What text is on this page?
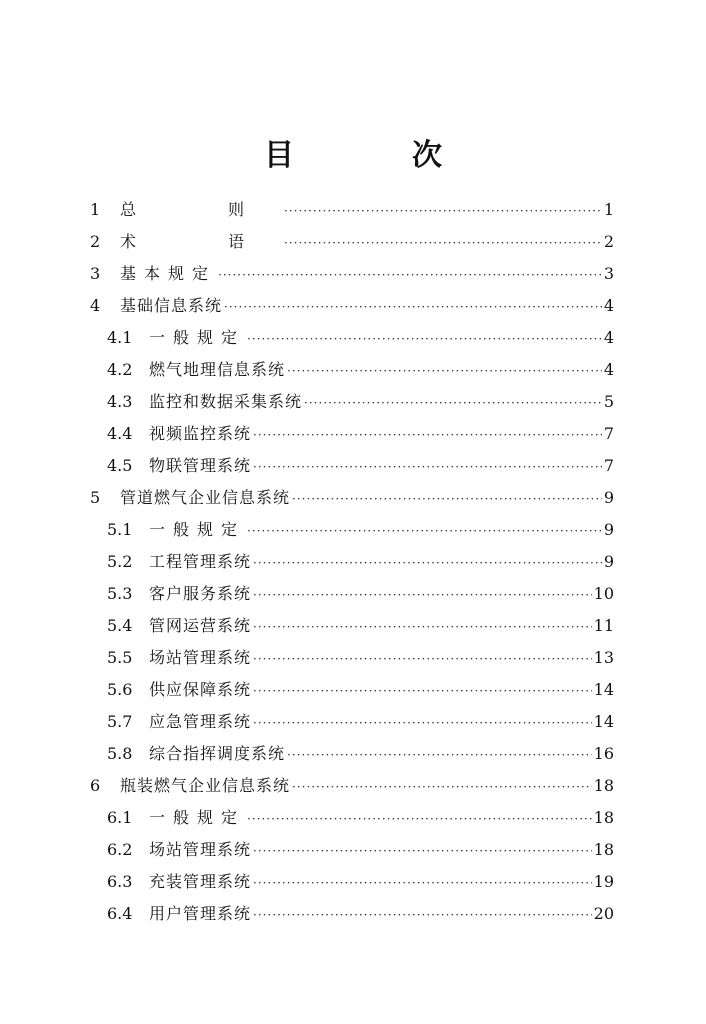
目　次
1	总　则 ·····	1
2	术　语 ·····	2
3	基本规定 ·····	3
4	基础信息系统 ·····	4
4.1	一般规定 ·····	4
4.2	燃气地理信息系统 ·····	4
4.3	监控和数据采集系统 ·····	5
4.4	视频监控系统 ·····	7
4.5	物联管理系统 ·····	7
5	管道燃气企业信息系统 ·····	9
5.1	一般规定 ·····	9
5.2	工程管理系统 ·····	9
5.3	客户服务系统 ·····	10
5.4	管网运营系统 ·····	11
5.5	场站管理系统 ·····	13
5.6	供应保障系统 ·····	14
5.7	应急管理系统 ·····	14
5.8	综合指挥调度系统 ·····	16
6	瓶装燃气企业信息系统 ·····	18
6.1	一般规定 ·····	18
6.2	场站管理系统 ·····	18
6.3	充装管理系统 ·····	19
6.4	用户管理系统 ·····	20
